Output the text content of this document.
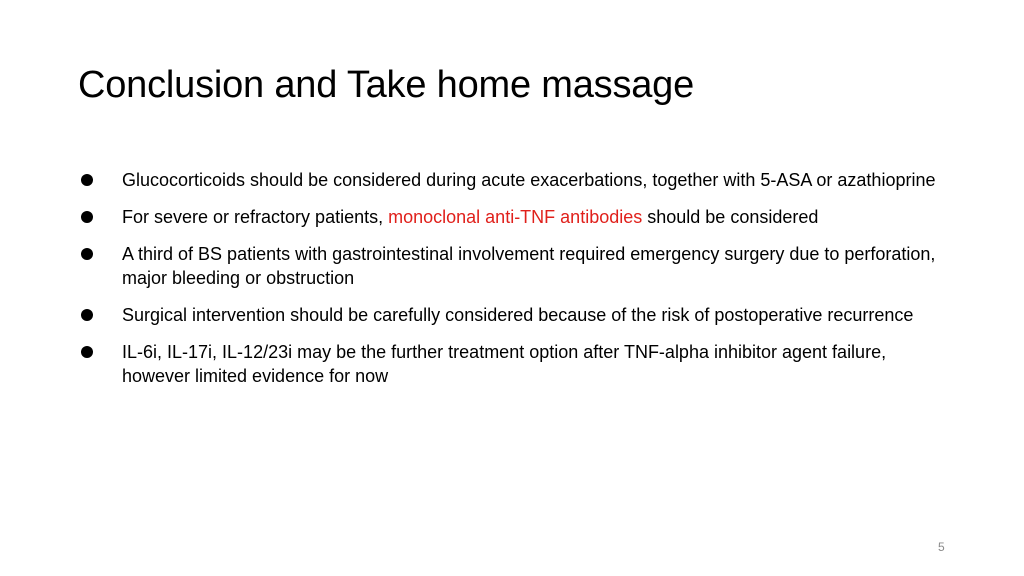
Conclusion and Take home massage
Glucocorticoids should be considered during acute exacerbations, together with 5-ASA or azathioprine
For severe or refractory patients, monoclonal anti-TNF antibodies should be considered
A third of BS patients with gastrointestinal involvement required emergency surgery due to perforation, major bleeding or obstruction
Surgical intervention should be carefully considered because of the risk of postoperative recurrence
IL-6i, IL-17i, IL-12/23i may be the further treatment option after TNF-alpha inhibitor agent failure, however limited evidence for now
5
